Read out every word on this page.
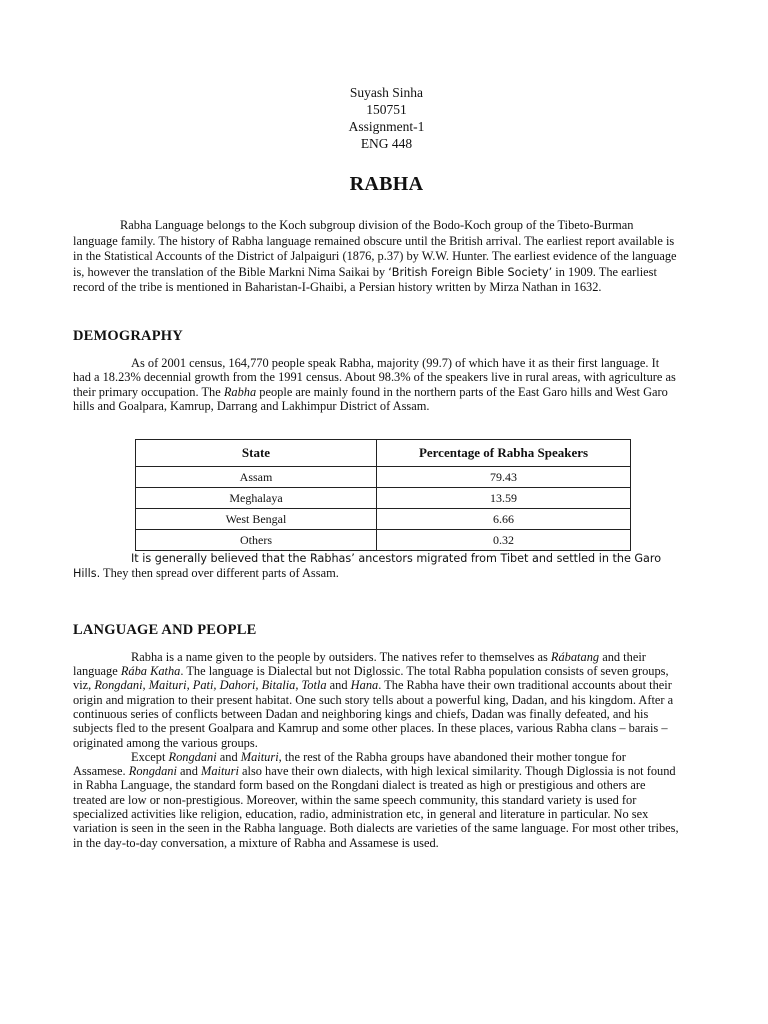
Suyash Sinha
150751
Assignment-1
ENG 448
RABHA

Rabha Language belongs to the Koch subgroup division of the Bodo-Koch group of the Tibeto-Burman language family. The history of Rabha language remained obscure until the British arrival. The earliest report available is in the Statistical Accounts of the District of Jalpaiguri (1876, p.37) by W.W. Hunter. The earliest evidence of the language is, however the translation of the Bible Markni Nima Saikai by ‘British Foreign Bible Society’ in 1909. The earliest record of the tribe is mentioned in Baharistan-I-Ghaibi, a Persian history written by Mirza Nathan in 1632.

DEMOGRAPHY

As of 2001 census, 164,770 people speak Rabha, majority (99.7) of which have it as their first language. It had a 18.23% decennial growth from the 1991 census. About 98.3% of the speakers live in rural areas, with agriculture as their primary occupation. The Rabha people are mainly found in the northern parts of the East Garo hills and West Garo hills and Goalpara, Kamrup, Darrang and Lakhimpur District of Assam.

State	Percentage of Rabha Speakers
Assam	79.43
Meghalaya	13.59
West Bengal	6.66
Others	0.32

It is generally believed that the Rabhas’ ancestors migrated from Tibet and settled in the Garo Hills. They then spread over different parts of Assam.

LANGUAGE AND PEOPLE

Rabha is a name given to the people by outsiders. The natives refer to themselves as Rábatang and their language Rába Katha. The language is Dialectal but not Diglossic. The total Rabha population consists of seven groups, viz, Rongdani, Maituri, Pati, Dahori, Bitalia, Totla and Hana. The Rabha have their own traditional accounts about their origin and migration to their present habitat. One such story tells about a powerful king, Dadan, and his kingdom. After a continuous series of conflicts between Dadan and neighboring kings and chiefs, Dadan was finally defeated, and his subjects fled to the present Goalpara and Kamrup and some other places. In these places, various Rabha clans – barais – originated among the various groups.

Except Rongdani and Maituri, the rest of the Rabha groups have abandoned their mother tongue for Assamese. Rongdani and Maituri also have their own dialects, with high lexical similarity. Though Diglossia is not found in Rabha Language, the standard form based on the Rongdani dialect is treated as high or prestigious and others are treated are low or non-prestigious. Moreover, within the same speech community, this standard variety is used for specialized activities like religion, education, radio, administration etc, in general and literature in particular. No sex variation is seen in the seen in the Rabha language. Both dialects are varieties of the same language. For most other tribes, in the day-to-day conversation, a mixture of Rabha and Assamese is used.
